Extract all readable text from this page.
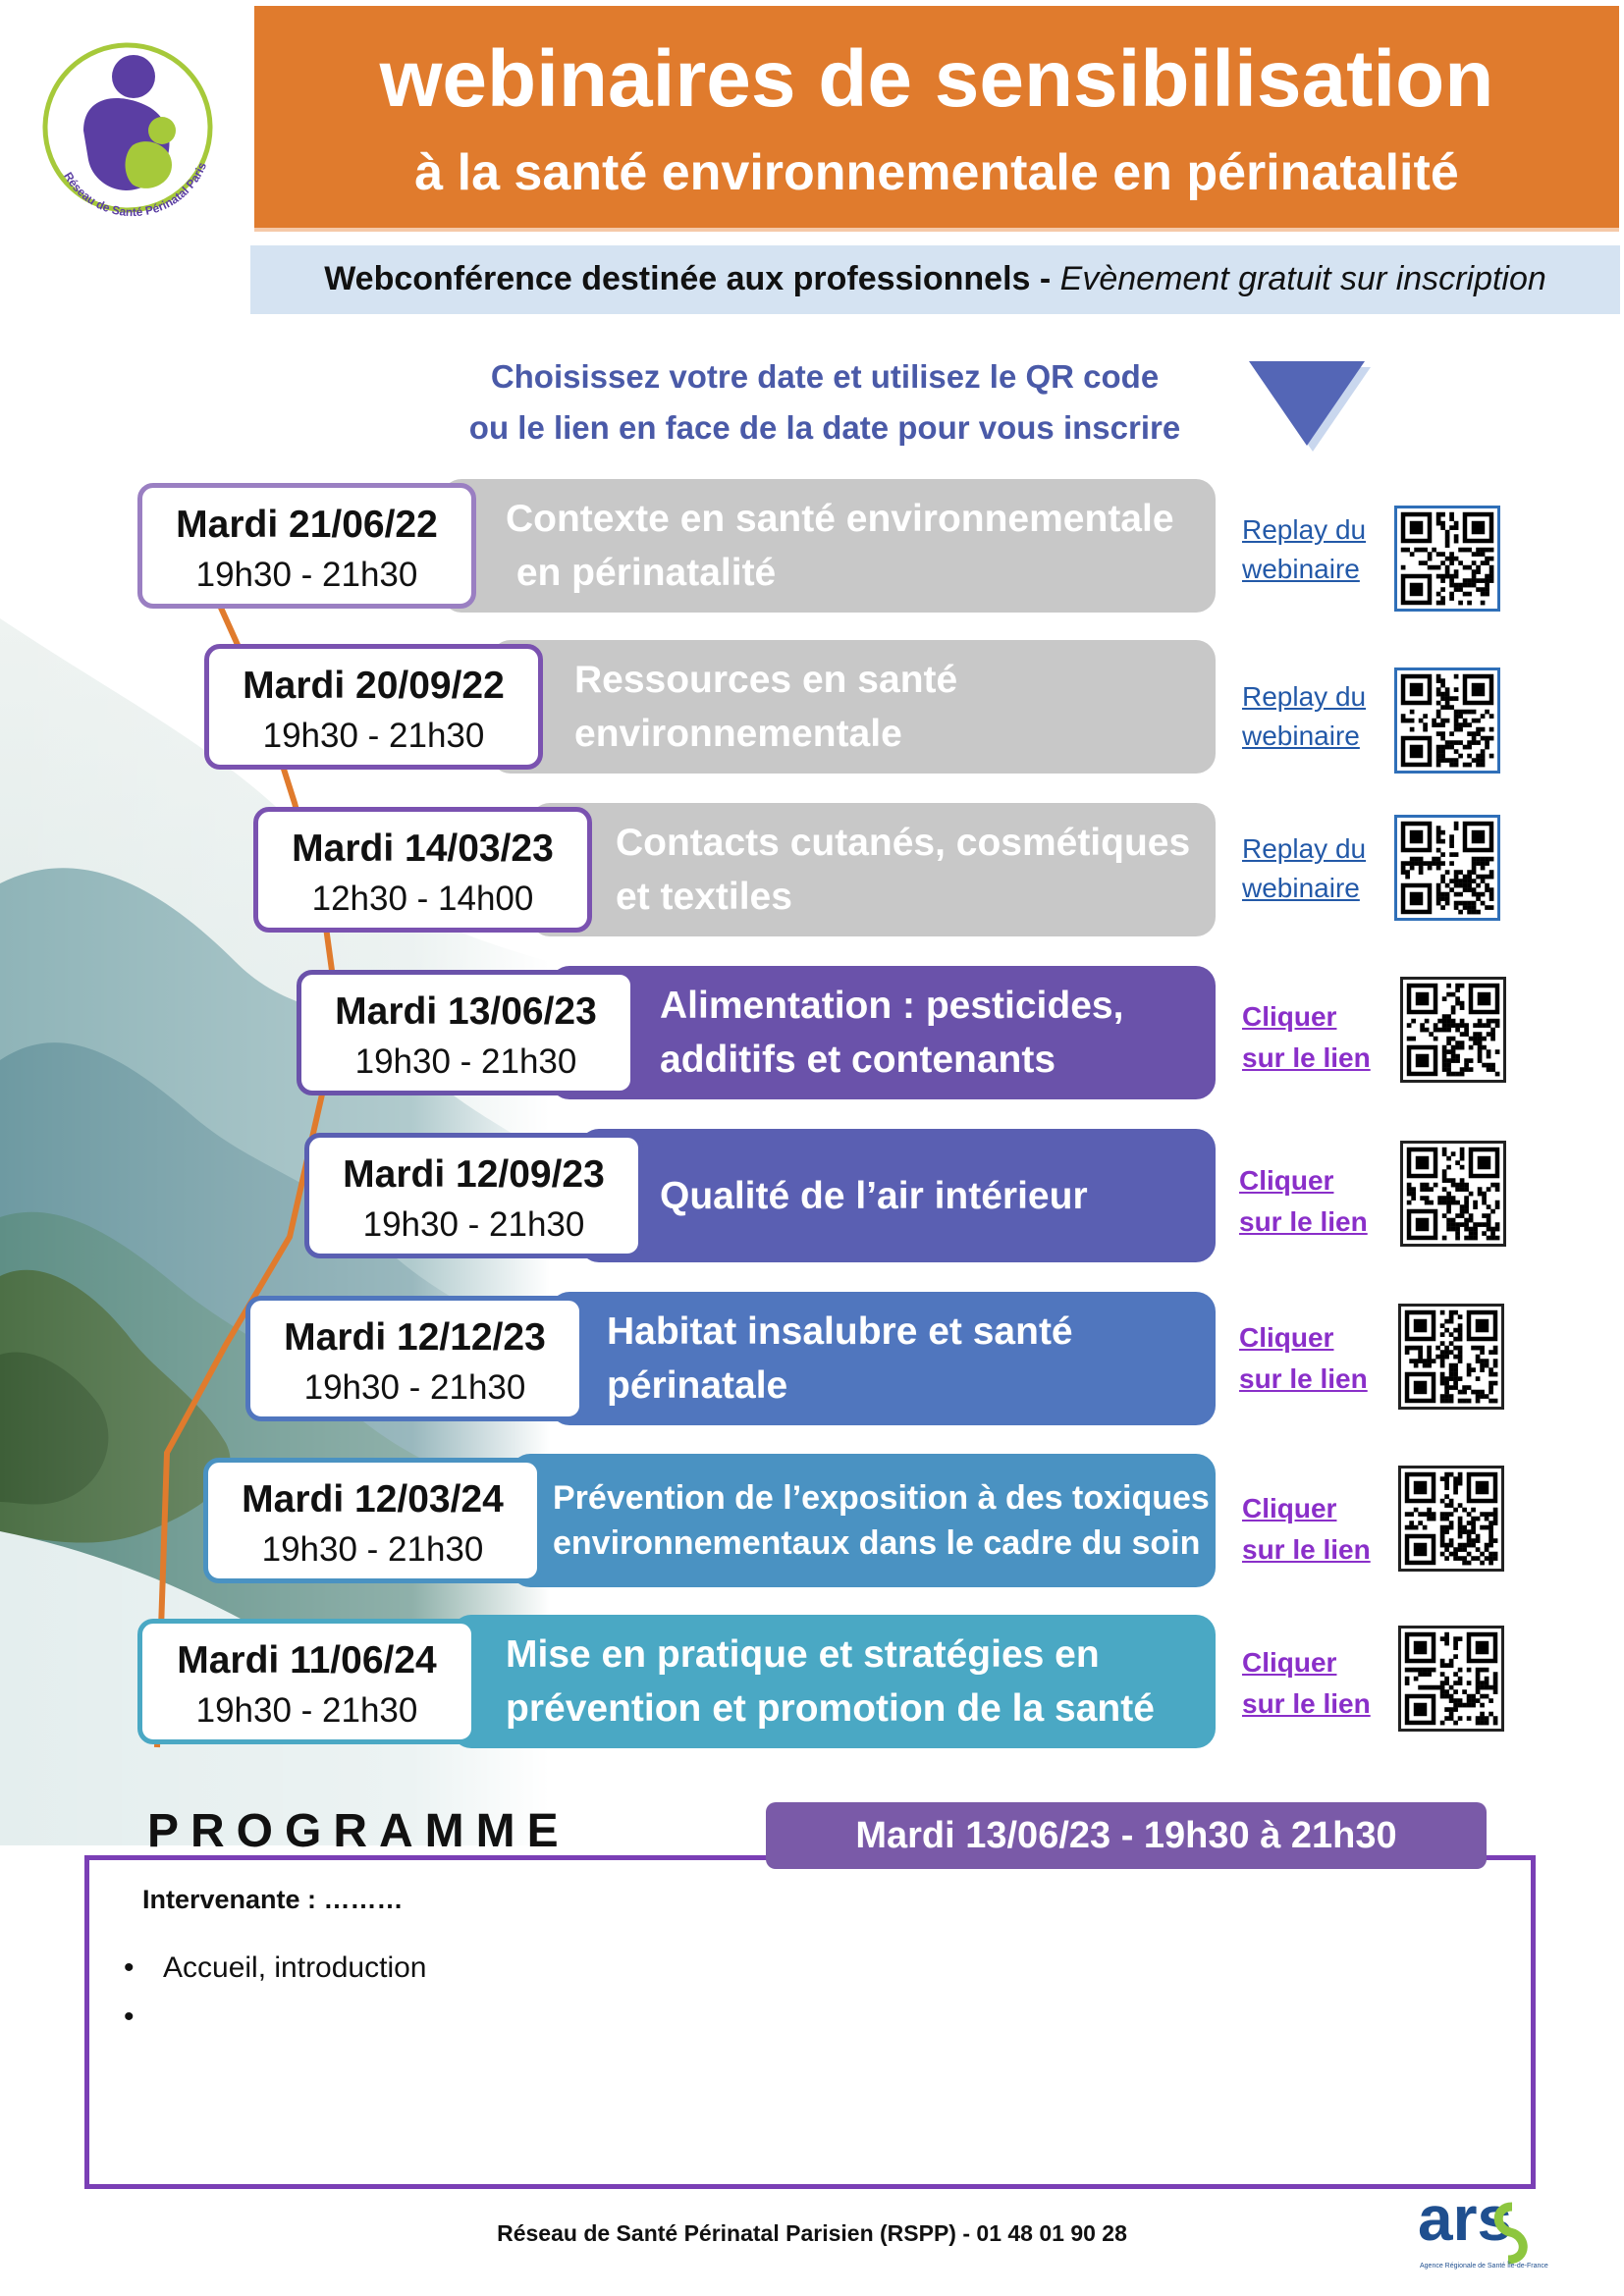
Réseau de Santé Périnatal Paris
webinaires de sensibilisation
à la santé environnementale en périnatalité
Webconférence destinée aux professionnels - Evènement gratuit sur inscription
Choisissez votre date et utilisez le QR code
ou le lien en face de la date pour vous inscrire
Contexte en santé environnementale
en périnatalité
Mardi 21/06/22
19h30 - 21h30
Replay du
webinaire
Ressources en santé
environnementale
Mardi 20/09/22
19h30 - 21h30
Replay du
webinaire
Contacts cutanés, cosmétiques
et textiles
Mardi 14/03/23
12h30 - 14h00
Replay du
webinaire
Alimentation : pesticides,
additifs et contenants
Mardi 13/06/23
19h30 - 21h30
Cliquer
sur le lien
Qualité de l’air intérieur
Mardi 12/09/23
19h30 - 21h30
Cliquer
sur le lien
Habitat insalubre et santé
périnatale
Mardi 12/12/23
19h30 - 21h30
Cliquer
sur le lien
Prévention de l’exposition à des toxiques
environnementaux dans le cadre du soin
Mardi 12/03/24
19h30 - 21h30
Cliquer
sur le lien
Mise en pratique et stratégies en
prévention et promotion de la santé
Mardi 11/06/24
19h30 - 21h30
Cliquer
sur le lien
PROGRAMME	Mardi 13/06/23 - 19h30 à 21h30
Intervenante : ………
• Accueil, introduction
•
Réseau de Santé Périnatal Parisien (RSPP) - 01 48 01 90 28	ars
Agence Régionale de Santé Île-de-France
